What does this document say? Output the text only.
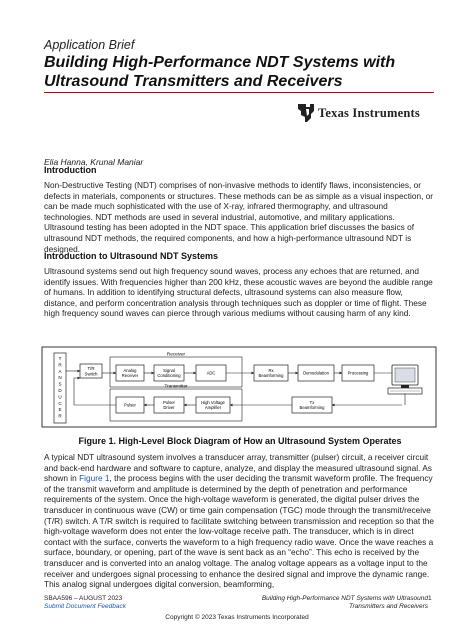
Application Brief
Building High-Performance NDT Systems with Ultrasound Transmitters and Receivers
Texas Instruments
Elia Hanna, Krunal Maniar
Introduction

Non-Destructive Testing (NDT) comprises of non-invasive methods to identify flaws, inconsistencies, or defects in materials, components or structures. These methods can be as simple as a visual inspection, or can be made much sophisticated with the use of X-ray, infrared thermography, and ultrasound technologies. NDT methods are used in several industrial, automotive, and military applications. Ultrasound testing has been adopted in the NDT space. This application brief discusses the basics of ultrasound NDT methods, the required components, and how a high-performance ultrasound NDT is designed.

Introduction to Ultrasound NDT Systems

Ultrasound systems send out high frequency sound waves, process any echoes that are returned, and identify issues. With frequencies higher than 200 kHz, these acoustic waves are beyond the audible range of humans. In addition to identifying structural defects, ultrasound systems can also measure flow, distance, and perform concentration analysis through techniques such as doppler or time of flight. These high frequency sound waves can pierce through various mediums without causing harm of any kind.

T
R
A
N
S
D
U
C
E
R
T/R
Switch
Receiver
Transmitter
Analog
Receiver
Signal
Conditioning	ADC	Rx
Beamforming	Demodulation	Processing
Pulser	Pulser
Driver
High Voltage
Amplifier
Tx
Beamforming
Figure 1. High-Level Block Diagram of How an Ultrasound System Operates

A typical NDT ultrasound system involves a transducer array, transmitter (pulser) circuit, a receiver circuit and back-end hardware and software to capture, analyze, and display the measured ultrasound signal. As shown in Figure 1, the process begins with the user deciding the transmit waveform profile. The frequency of the transmit waveform and amplitude is determined by the depth of penetration and performance requirements of the system. Once the high-voltage waveform is generated, the digital pulser drives the transducer in continuous wave (CW) or time gain compensation (TGC) mode through the transmit/receive (T/R) switch. A T/R switch is required to facilitate switching between transmission and reception so that the high-voltage waveform does not enter the low-voltage receive path. The transducer, which is in direct contact with the surface, converts the waveform to a high frequency radio wave. Once the wave reaches a surface, boundary, or opening, part of the wave is sent back as an “echo”. This echo is received by the transducer and is converted into an analog voltage. The analog voltage appears as a voltage input to the receiver and undergoes signal processing to enhance the desired signal and improve the dynamic range. This analog signal undergoes digital conversion, beamforming,

SBAA596 – AUGUST 2023
Submit Document Feedback
Building High-Performance NDT Systems with Ultrasound Transmitters and Receivers
1
Copyright © 2023 Texas Instruments Incorporated
